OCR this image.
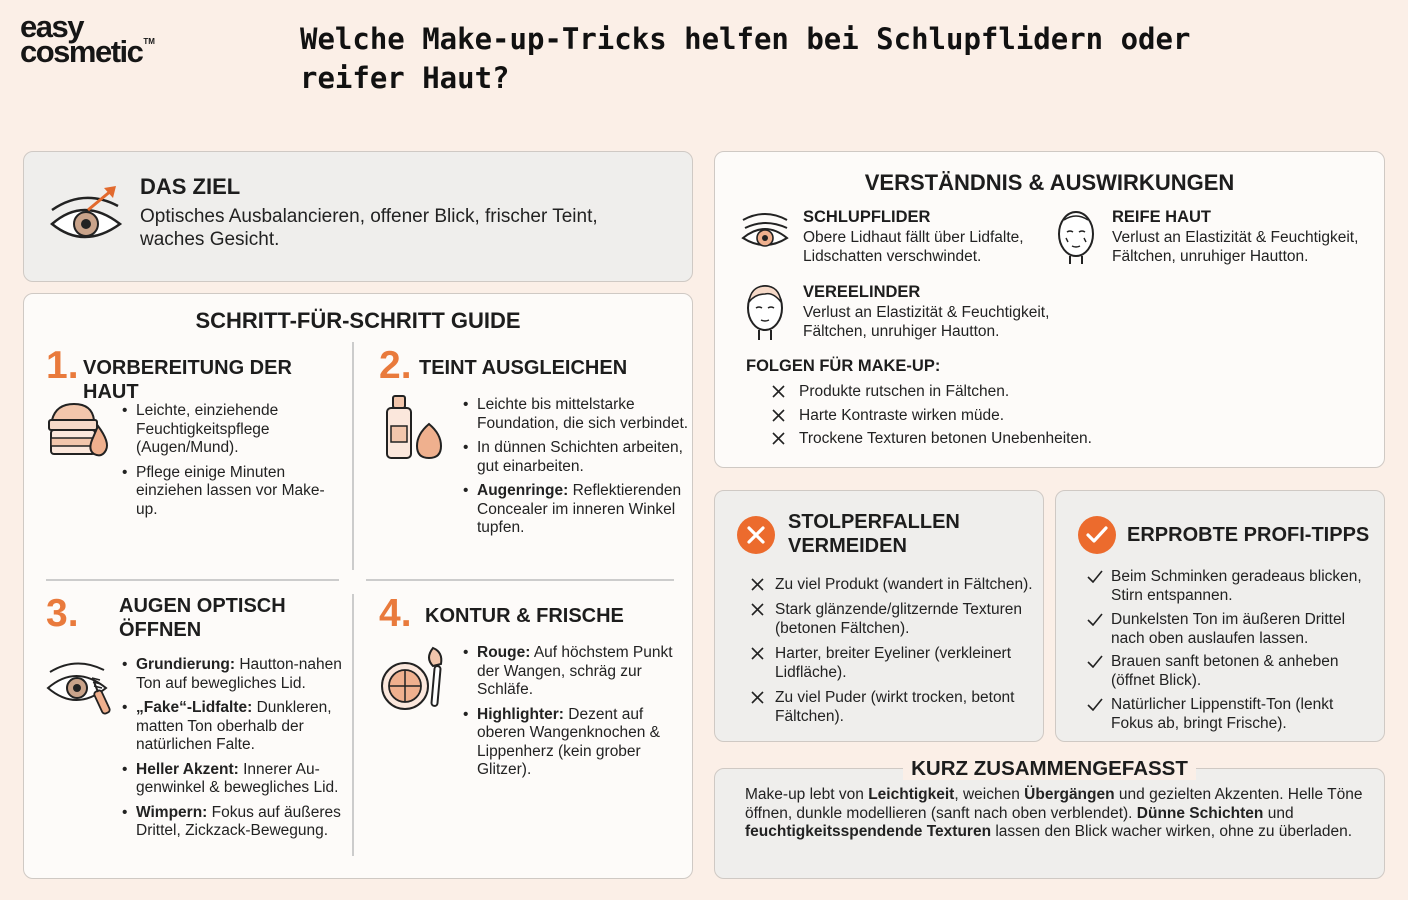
easy
cosmetic™	Welche Make-up-Tricks helfen bei Schlupflidern oder reifer Haut?
DAS ZIEL

Optisches Ausbalancieren, offener Blick, frischer Teint, waches Gesicht.

SCHRITT-FÜR-SCHRITT GUIDE
1. VORBEREITUNG DER HAUT
• Leichte, einziehende Feuchtigkeitspflege (Augen/Mund).
• Pflege einige Minuten einziehen lassen vor Make-up.
2. TEINT AUSGLEICHEN
• Leichte bis mittelstarke Foundation, die sich verbindet.
• In dünnen Schichten arbeiten, gut einarbeiten.
• Augenringe: Reflektierenden Concealer im inneren Winkel tupfen.
3. AUGEN OPTISCH
ÖFFNEN
• Grundierung: Hautton-nahen Ton auf bewegliches Lid.
• „Fake“-Lidfalte: Dunkleren, matten Ton oberhalb der natürlichen Falte.
• Heller Akzent: Innerer Au-genwinkel & bewegliches Lid.
• Wimpern: Fokus auf äußeres Drittel, Zickzack-Bewegung.
4. KONTUR & FRISCHE
• Rouge: Auf höchstem Punkt der Wangen, schräg zur Schläfe.
• Highlighter: Dezent auf oberen Wangenknochen & Lippenherz (kein grober Glitzer).
VERSTÄNDNIS & AUSWIRKUNGEN
SCHLUPFLIDER

Obere Lidhaut fällt über Lidfalte,
Lidschatten verschwindet.

REIFE HAUT

Verlust an Elastizität & Feuchtigkeit,
Fältchen, unruhiger Hautton.

VEREELINDER

Verlust an Elastizität & Feuchtigkeit,
Fältchen, unruhiger Hautton.

FOLGEN FÜR MAKE-UP:
Produkte rutschen in Fältchen.
Harte Kontraste wirken müde.
Trockene Texturen betonen Unebenheiten.
STOLPERFALLEN
VERMEIDEN
Zu viel Produkt (wandert in Fältchen).
Stark glänzende/glitzernde Texturen
(betonen Fältchen).
Harter, breiter Eyeliner (verkleinert
Lidfläche).
Zu viel Puder (wirkt trocken, betont
Fältchen).
ERPROBTE PROFI-TIPPS
Beim Schminken geradeaus blicken,
Stirn entspannen.
Dunkelsten Ton im äußeren Drittel
nach oben auslaufen lassen.
Brauen sanft betonen & anheben
(öffnet Blick).
Natürlicher Lippenstift-Ton (lenkt
Fokus ab, bringt Frische).
KURZ ZUSAMMENGEFASST

Make-up lebt von Leichtigkeit, weichen Übergängen und gezielten Akzenten. Helle Töne öffnen, dunkle modellieren (sanft nach oben verblendet). Dünne Schichten und feuchtigkeitsspendende Texturen lassen den Blick wacher wirken, ohne zu überladen.
